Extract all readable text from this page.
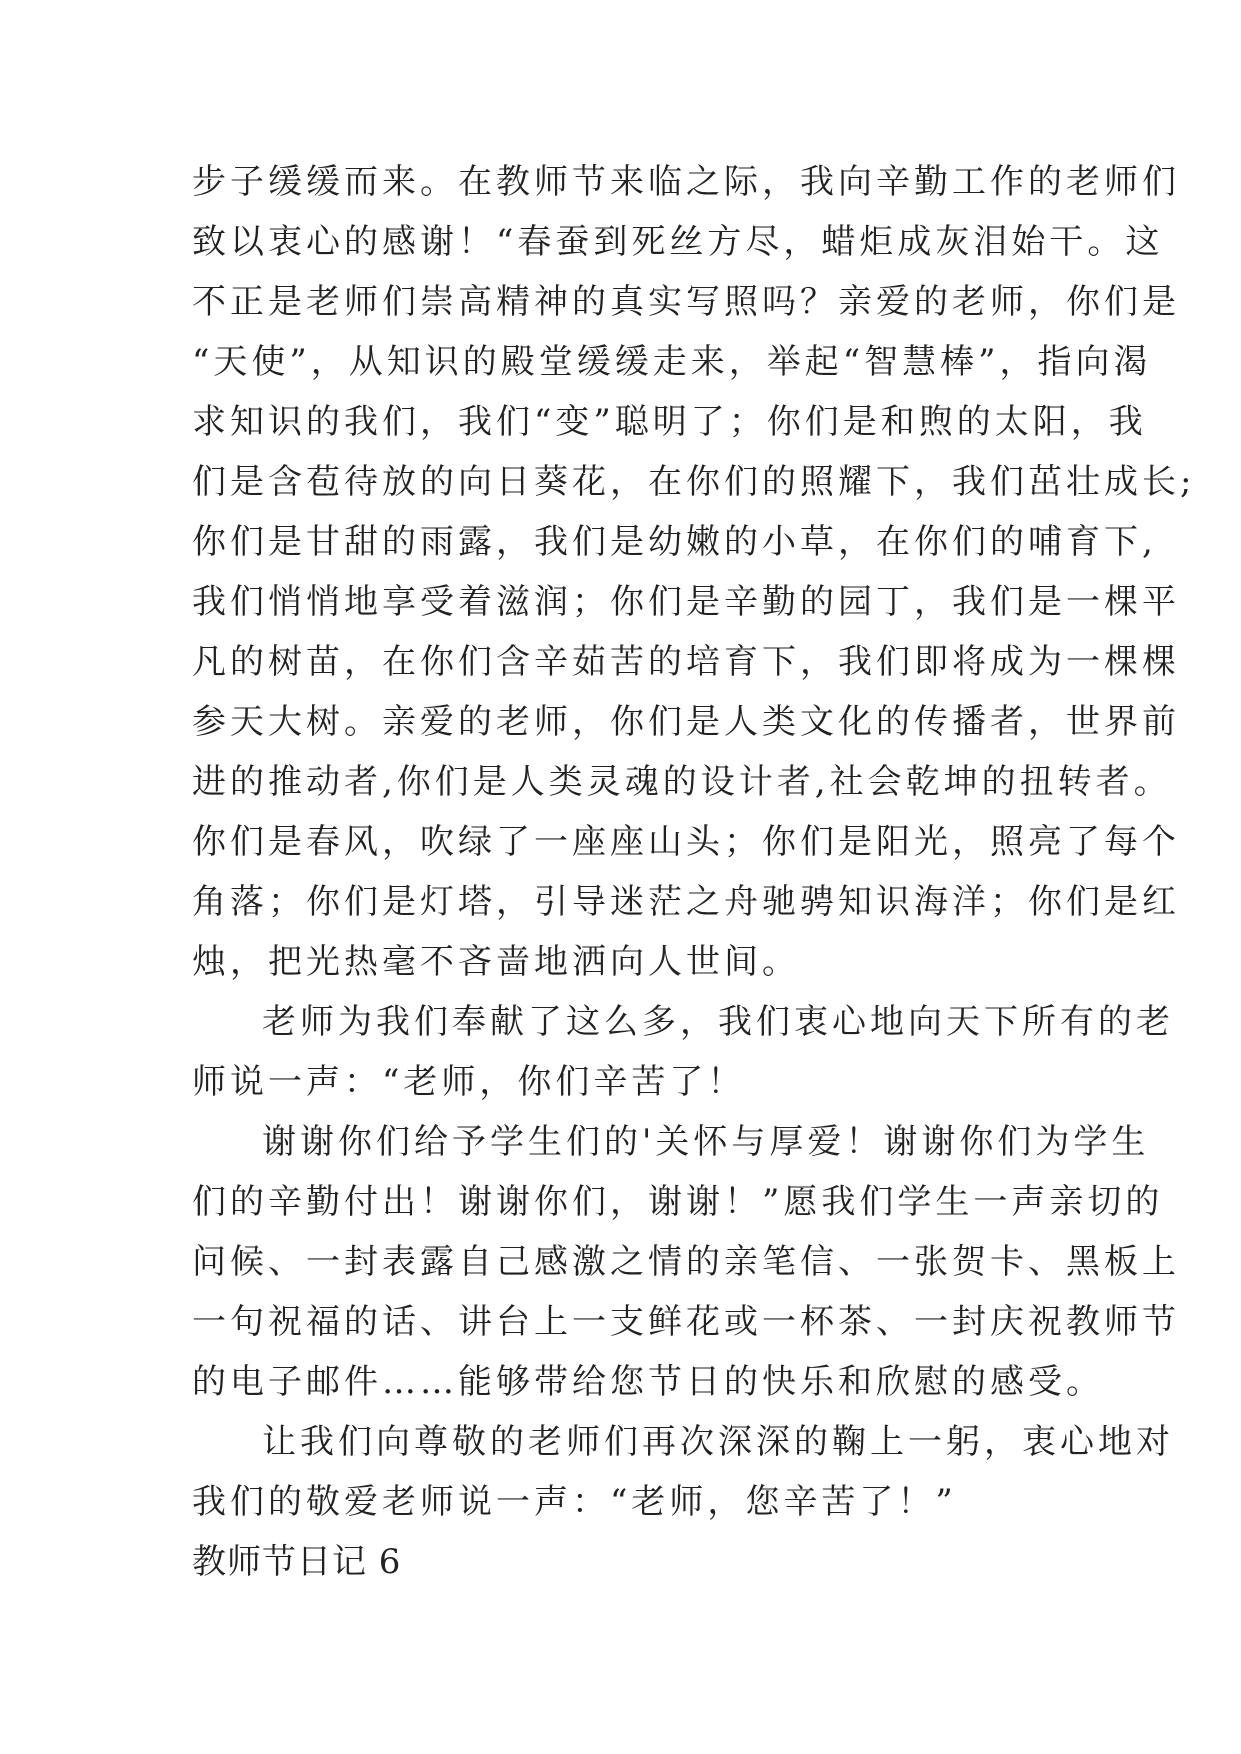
步子缓缓而来。在教师节来临之际，我向辛勤工作的老师们
致以衷心的感谢！“春蚕到死丝方尽，蜡炬成灰泪始干。这
不正是老师们崇高精神的真实写照吗？亲爱的老师，你们是
“天使”，从知识的殿堂缓缓走来，举起“智慧棒”，指向渴
求知识的我们，我们“变”聪明了；你们是和煦的太阳，我
们是含苞待放的向日葵花，在你们的照耀下，我们茁壮成长;
你们是甘甜的雨露，我们是幼嫩的小草，在你们的哺育下,
我们悄悄地享受着滋润；你们是辛勤的园丁，我们是一棵平
凡的树苗，在你们含辛茹苦的培育下，我们即将成为一棵棵
参天大树。亲爱的老师，你们是人类文化的传播者，世界前
进的推动者,你们是人类灵魂的设计者,社会乾坤的扭转者。
你们是春风，吹绿了一座座山头；你们是阳光，照亮了每个
角落；你们是灯塔，引导迷茫之舟驰骋知识海洋；你们是红
烛，把光热毫不吝啬地洒向人世间。
老师为我们奉献了这么多，我们衷心地向天下所有的老
师说一声：“老师，你们辛苦了！
谢谢你们给予学生们的'关怀与厚爱！谢谢你们为学生
们的辛勤付出！谢谢你们，谢谢！”愿我们学生一声亲切的
问候、一封表露自己感激之情的亲笔信、一张贺卡、黑板上
一句祝福的话、讲台上一支鲜花或一杯茶、一封庆祝教师节
的电子邮件……能够带给您节日的快乐和欣慰的感受。
让我们向尊敬的老师们再次深深的鞠上一躬，衷心地对
我们的敬爱老师说一声：“老师，您辛苦了！”
教师节日记 6
